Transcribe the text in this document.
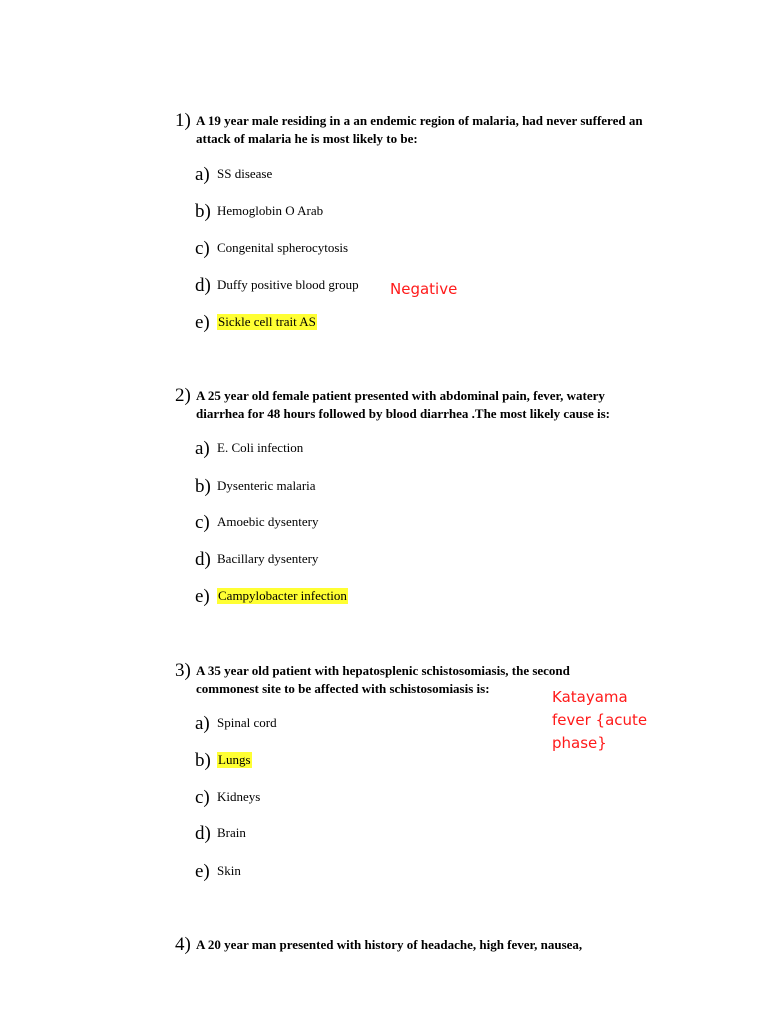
1) A 19 year male residing in a an endemic region of malaria, had never suffered an attack of malaria he is most likely to be:
a) SS disease
b) Hemoglobin O Arab
c) Congenital spherocytosis
d) Duffy positive blood group
e) Sickle cell trait AS
Negative
2) A 25 year old female patient presented with abdominal pain, fever, watery diarrhea for 48 hours followed by blood diarrhea .The most likely cause is:
a) E. Coli infection
b) Dysenteric malaria
c) Amoebic dysentery
d) Bacillary dysentery
e) Campylobacter infection
3) A 35 year old patient with hepatosplenic schistosomiasis, the second commonest site to be affected with schistosomiasis is:
a) Spinal cord
b) Lungs
c) Kidneys
d) Brain
e) Skin
Katayama
fever {acute
phase}
4) A 20 year man presented with history of headache, high fever, nausea,
